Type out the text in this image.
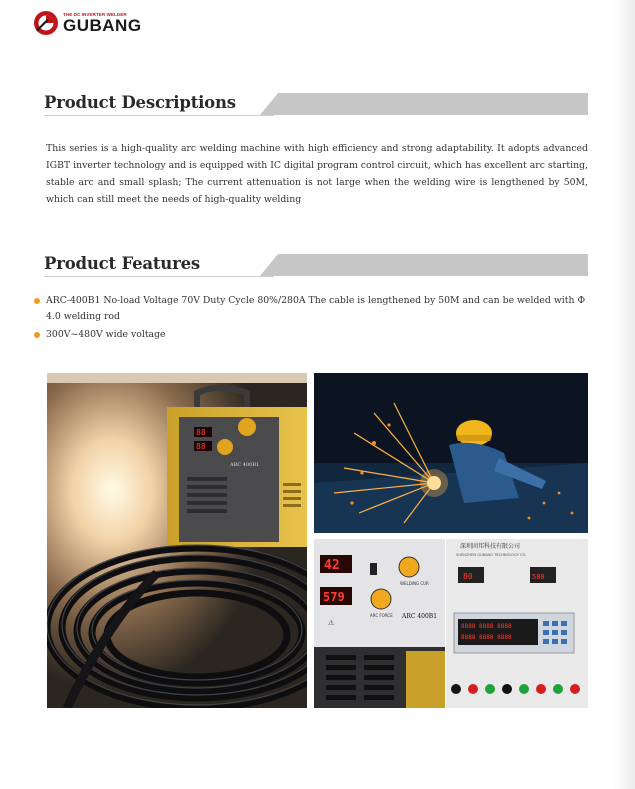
THE DC INVERTER WELDER
GUBANG
Product Descriptions

This series is a high-quality arc welding machine with high efficiency and strong adaptability. It adopts advanced IGBT inverter technology and is equipped with IC digital program control circuit, which has excellent arc starting, stable arc and small splash; The current attenuation is not large when the welding wire is lengthened by 50M, which can still meet the needs of high-quality welding

Product Features
ARC-400B1 No-load Voltage 70V Duty Cycle 80%/280A The cable is lengthened by 50M and can be welded with Φ 4.0 welding rod
300V~480V wide voltage
88
88
ARC 400B1
42
579
WELDING CUR
ARC FORCE ARC 400B1
⚠
深圳固邦科技有限公司
SHENZHEN GUBANG TECHNOLOGY CO.
80	580
8888 8888 8888
8888 8888 8888
